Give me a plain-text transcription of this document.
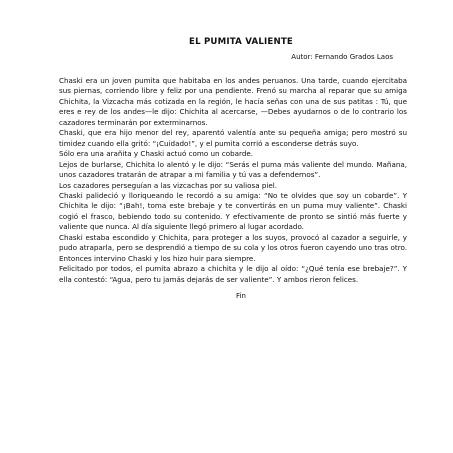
EL PUMITA VALIENTE
Autor: Fernando Grados Laos

Chaski era un joven pumita que habitaba en los andes peruanos. Una tarde, cuando ejercitaba sus piernas, corriendo libre y feliz por una pendiente. Frenó su marcha al reparar que su amiga Chichita, la Vizcacha más cotizada en la región, le hacía señas con una de sus patitas : Tú, que eres e rey de los andes—le dijo: Chichita al acercarse, —Debes ayudarnos o de lo contrario los cazadores terminarán por exterminarnos.

Chaski, que era hijo menor del rey, aparentó valentía ante su pequeña amiga; pero mostró su timidez cuando ella gritó: “¡Cuidado!”, y el pumita corrió a esconderse detrás suyo.

Sólo era una arañita y Chaski actuó como un cobarde.

Lejos de burlarse, Chichita lo alentó y le dijo: “Serás el puma más valiente del mundo. Mañana, unos cazadores tratarán de atrapar a mi familia y tú vas a defendernos”.

Los cazadores perseguían a las vizcachas por su valiosa piel.

Chaski palideció y lloriqueando le recordó a su amiga: “No te olvides que soy un cobarde”. Y Chichita le dijo: “¡Bah!, toma este brebaje y te convertirás en un puma muy valiente”. Chaski cogió el frasco, bebiendo todo su contenido. Y efectivamente de pronto se sintió más fuerte y valiente que nunca. Al día siguiente llegó primero al lugar acordado.

Chaski estaba escondido y Chichita, para proteger a los suyos, provocó al cazador a seguirle, y pudo atraparla, pero se desprendió a tiempo de su cola y los otros fueron cayendo uno tras otro. Entonces intervino Chaski y los hizo huir para siempre.

Felicitado por todos, el pumita abrazo a chichita y le dijo al oído: “¿Qué tenía ese brebaje?”. Y ella contestó: “Agua, pero tu jamás dejarás de ser valiente”. Y ambos rieron felices.

Fin
